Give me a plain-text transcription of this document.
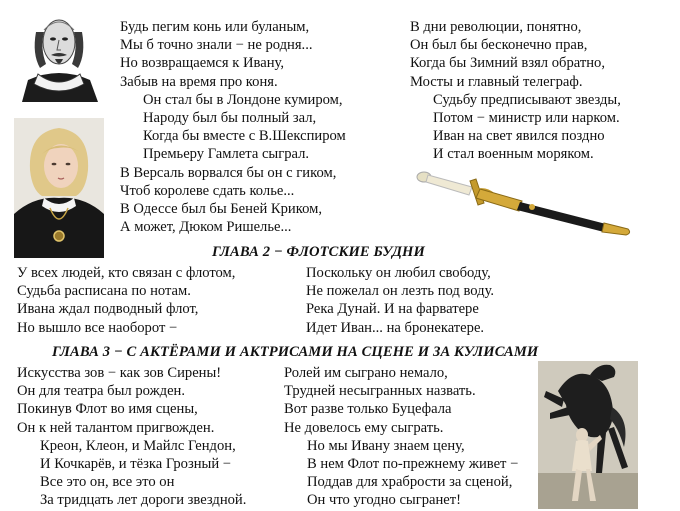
Будь пегим конь или буланым,
Мы б точно знали − не родня...
Но возвращаемся к Ивану,
Забыв на время про коня.
Он стал бы в Лондоне кумиром,
Народу был бы полный зал,
Когда бы вместе с В.Шекспиром
Премьеру Гамлета сыграл.
В Версаль ворвался бы он с гиком,
Чтоб королеве сдать колье...
В Одессе был бы Беней Криком,
А может, Дюком Ришелье...
В дни революции, понятно,
Он был бы бесконечно прав,
Когда бы Зимний взял обратно,
Мосты и главный телеграф.
Судьбу предписывают звезды,
Потом − министр или нарком.
Иван на свет явился поздно
И стал военным моряком.
ГЛАВА 2 − ФЛОТСКИЕ БУДНИ
У всех людей, кто связан с флотом,
Судьба расписана по нотам.
Ивана ждал подводный флот,
Но вышло все наоборот −
Поскольку он любил свободу,
Не пожелал он лезть под воду.
Река Дунай. И на фарватере
Идет Иван... на бронекатере.
ГЛАВА 3 − С АКТЁРАМИ И АКТРИСАМИ НА СЦЕНЕ И ЗА КУЛИСАМИ
Искусства зов − как зов Сирены!
Он для театра был рожден.
Покинув Флот во имя сцены,
Он к ней талантом пригвожден.
Креон, Клеон, и Майлс Гендон,
И Кочкарёв, и тёзка Грозный −
Все это он, все это он
За тридцать лет дороги звездной.
Ролей им сыграно немало,
Трудней несыгранных назвать.
Вот разве только Буцефала
Не довелось ему сыграть.
Но мы Ивану знаем цену,
В нем Флот по-прежнему живет −
Поддав для храбрости за сценой,
Он что угодно сыгранет!
